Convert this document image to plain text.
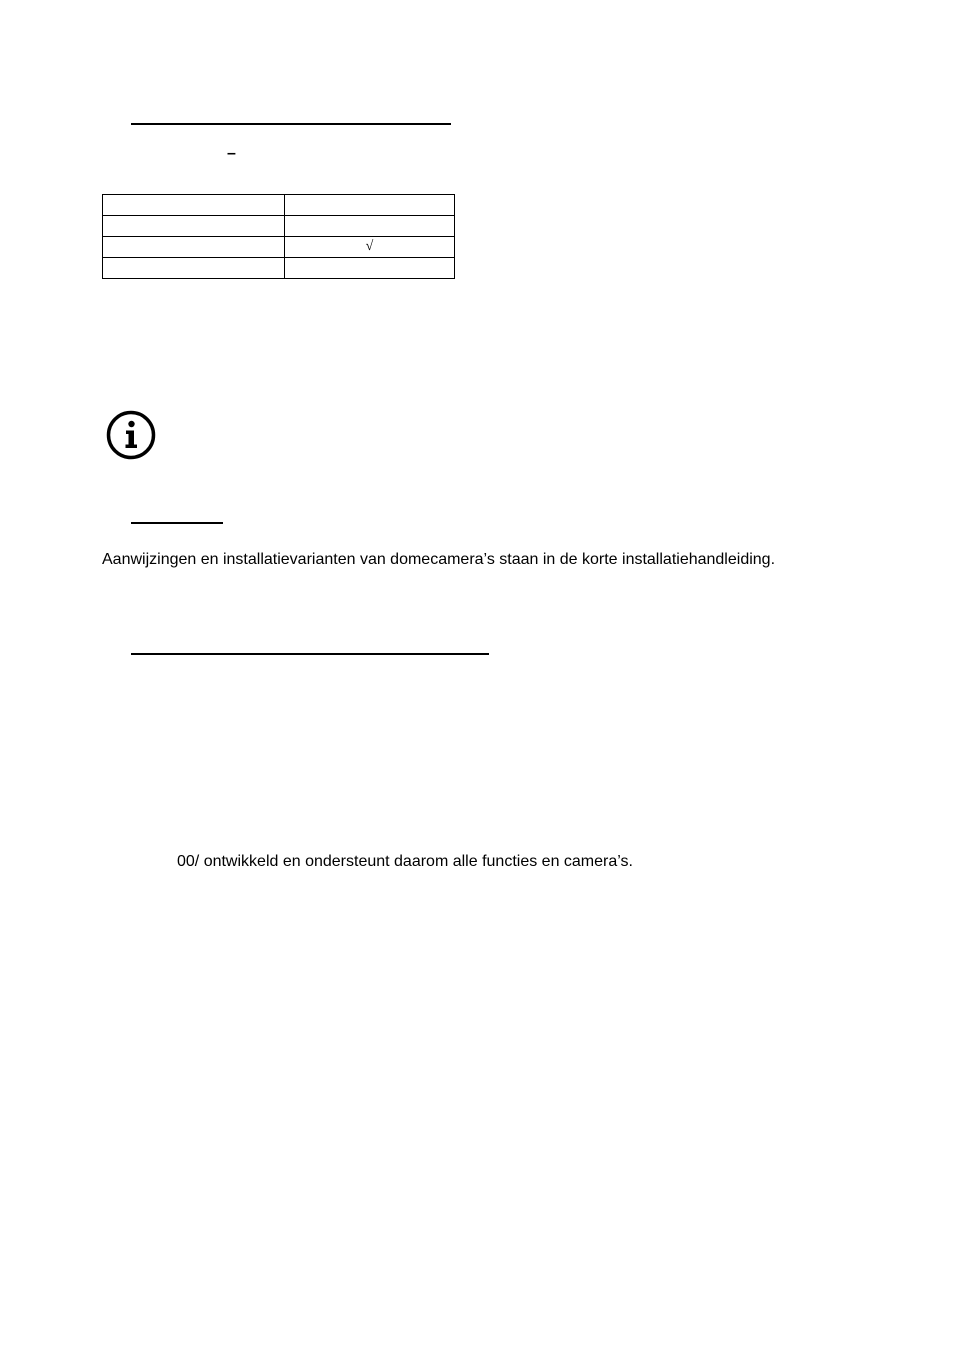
–

	√

Aanwijzingen en installatievarianten van domecamera’s staan in de korte installatiehandleiding.
00/ ontwikkeld en ondersteunt daarom alle functies en camera’s.
